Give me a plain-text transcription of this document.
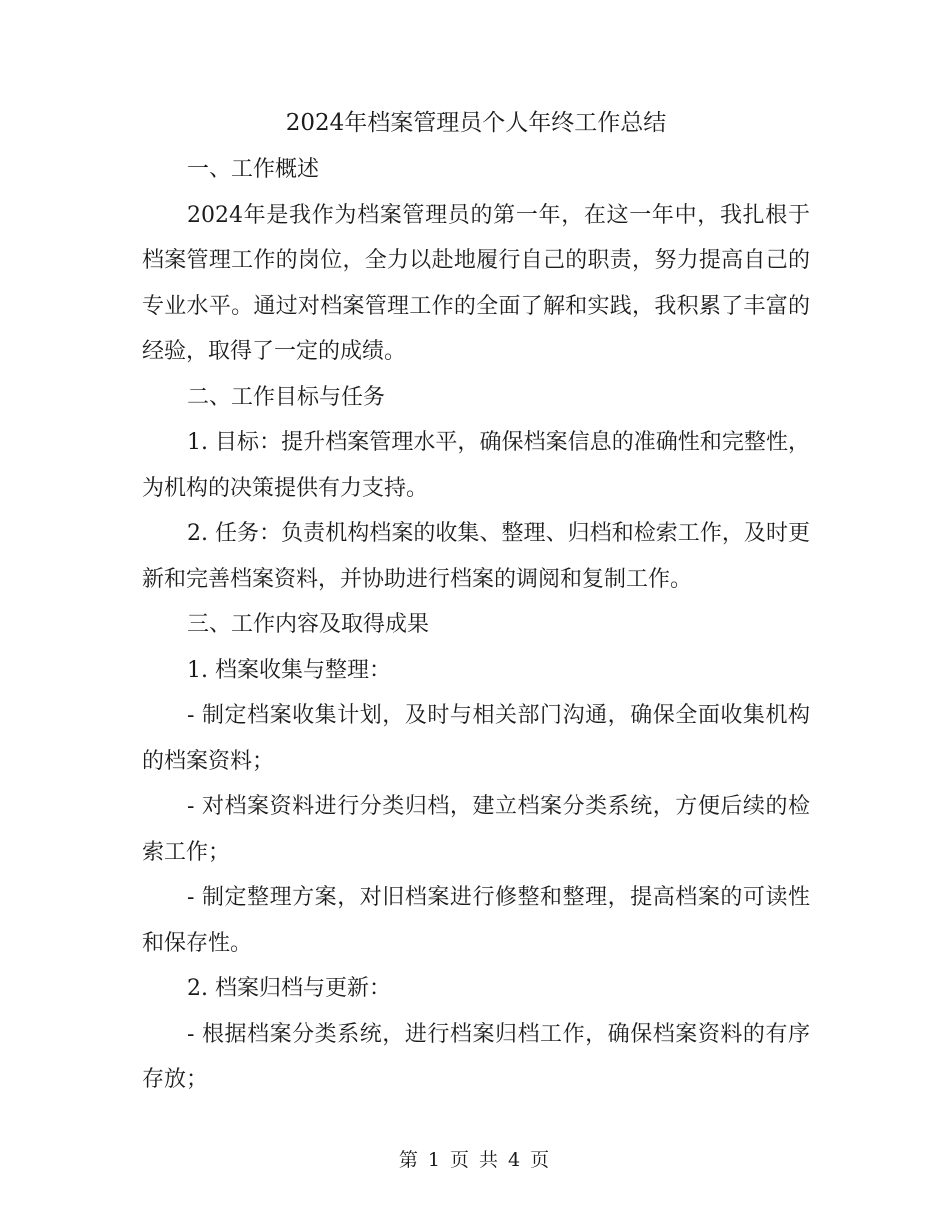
2024年档案管理员个人年终工作总结

一、工作概述

2024年是我作为档案管理员的第一年，在这一年中，我扎根于档案管理工作的岗位，全力以赴地履行自己的职责，努力提高自己的专业水平。通过对档案管理工作的全面了解和实践，我积累了丰富的经验，取得了一定的成绩。

二、工作目标与任务

1. 目标：提升档案管理水平，确保档案信息的准确性和完整性，为机构的决策提供有力支持。

2. 任务：负责机构档案的收集、整理、归档和检索工作，及时更新和完善档案资料，并协助进行档案的调阅和复制工作。

三、工作内容及取得成果

1. 档案收集与整理：

- 制定档案收集计划，及时与相关部门沟通，确保全面收集机构的档案资料；

- 对档案资料进行分类归档，建立档案分类系统，方便后续的检索工作；

- 制定整理方案，对旧档案进行修整和整理，提高档案的可读性和保存性。

2. 档案归档与更新：

- 根据档案分类系统，进行档案归档工作，确保档案资料的有序存放；

第 1 页 共 4 页
